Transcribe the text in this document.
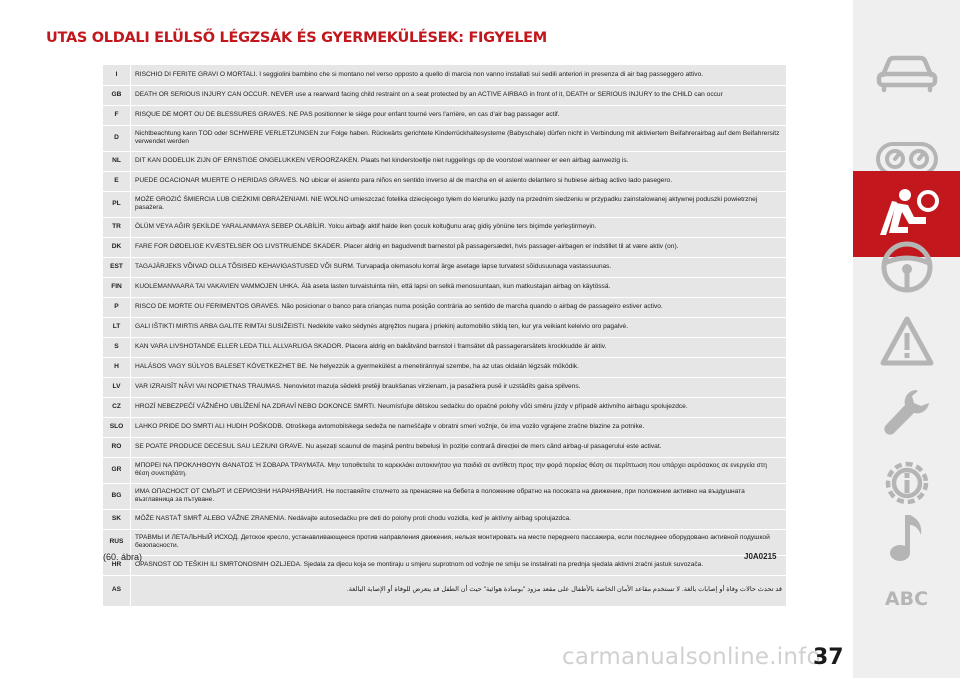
UTAS OLDALI ELÜLSŐ LÉGZSÁK ÉS GYERMEKÜLÉSEK: FIGYELEM
I	RISCHIO DI FERITE GRAVI O MORTALI. I seggiolini bambino che si montano nel verso opposto a quello di marcia non vanno installati sui sedili anteriori in presenza di air bag passeggero attivo.
GB	DEATH OR SERIOUS INJURY CAN OCCUR. NEVER use a rearward facing child restraint on a seat protected by an ACTIVE AIRBAG in front of it, DEATH or SERIOUS INJURY to the CHILD can occur
F	RISQUE DE MORT OU DE BLESSURES GRAVES. NE PAS positionner le siège pour enfant tourné vers l'arrière, en cas d'air bag passager actif.
D	Nichtbeachtung kann TOD oder SCHWERE VERLETZUNGEN zur Folge haben. Rückwärts gerichtete Kinderrückhaltesysteme (Babyschale) dürfen nicht in Verbindung mit aktiviertem Beifahrerairbag auf dem Beifahrersitz verwendet werden
NL	DIT KAN DODELIJK ZIJN OF ERNSTIGE ONGELUKKEN VEROORZAKEN. Plaats het kinderstoeltje niet ruggelings op de voorstoel wanneer er een airbag aanwezig is.
E	PUEDE OCACIONAR MUERTE O HERIDAS GRAVES. NO ubicar el asiento para niños en sentido inverso al de marcha en el asiento delantero si hubiese airbag activo lado pasegero.
PL	MOŻE GROZIĆ ŚMIERCIA LUB CIEŻKIMI OBRAŻENIAMI. NIE WOLNO umieszczać fotelika dziecięcego tyłem do kierunku jazdy na przednim siedzeniu w przypadku zainstalowanej aktywnej poduszki powietrznej pasażera.
TR	ÖLÜM VEYA AĞIR ŞEKİLDE YARALANMAYA SEBEP OLABİLİR. Yolcu airbağı aktif halde iken çocuk koltuğunu araç gidiş yönüne ters biçimde yerleştirmeyin.
DK	FARE FOR DØDELIGE KVÆSTELSER OG LIVSTRUENDE SKADER. Placer aldrig en bagudvendt barnestol på passagersædet, hvis passager-airbagen er indstillet til at være aktiv (on).
EST	TAGAJÄRJEKS VÕIVAD OLLA TÕSISED KEHAVIGASTUSED VÕI SURM. Turvapadja olemasolu korral ärge asetage lapse turvatest sõidusuunaga vastassuunas.
FIN	KUOLEMANVAARA TAI VAKAVIEN VAMMOJEN UHKA. Älä aseta lasten turvaistuinta niin, että lapsi on selkä menosuuntaan, kun matkustajan airbag on käytössä.
P	RISCO DE MORTE OU FERIMENTOS GRAVES. Não posicionar o banco para crianças numa posição contrária ao sentido de marcha quando o airbag de passageiro estiver activo.
LT	GALI IŠTIKTI MIRTIS ARBA GALITE RIMTAI SUSIŽEISTI. Nedėkite vaiko sėdynės atgręžtos nugara į priekinį automobilio stiklą ten, kur yra veikiant keleivio oro pagalvė.
S	KAN VARA LIVSHOTANDE ELLER LEDA TILL ALLVARLIGA SKADOR. Placera aldrig en bakåtvänd barnstol i framsätet då passagerarsätets krockkudde är aktiv.
H	HALÁSOS VAGY SÚLYOS BALESET KÖVETKEZHET BE. Ne helyezzük a gyermekülést a menetiránnyal szembe, ha az utas oldalán légzsák működik.
LV	VAR IZRAISĪT NĀVI VAI NOPIETNAS TRAUMAS. Nenovietot mazuļa sēdekli pretēji braukšanas virzienam, ja pasažiera pusē ir uzstādīts gaisa spilvens.
CZ	HROZÍ NEBEZPEČÍ VÁŽNÉHO UBLÍŽENÍ NA ZDRAVÍ NEBO DOKONCE SMRTI. Neumísťujte dětskou sedačku do opačné polohy vůči směru jízdy v případě aktivního airbagu spolujezdce.
SLO	LAHKO PRIDE DO SMRTI ALI HUDIH POŠKODB. Otroškega avtomobilskega sedeža ne nameščajte v obratni smeri vožnje, če ima vozilo vgrajene zračne blazine za potnike.
RO	SE POATE PRODUCE DECESUL SAU LEZIUNI GRAVE. Nu așezați scaunul de mașină pentru bebeluși în poziție contrară direcției de mers când airbag-ul pasagerului este activat.
GR	ΜΠΟΡΕΙ ΝΑ ΠΡΟΚΛΗΘΟΥΝ ΘΑΝΑΤΟΣ Ή ΣΟΒΑΡΑ ΤΡΑΥΜΑΤΑ. Μην τοποθετείτε το καρεκλάκι αυτοκινήτου για παιδιά σε αντίθετη προς την φορά πορείας θέση σε περίπτωση που υπάρχει αερόσακος σε ενεργεία στη θέση συνεπιβάτη.
BG	ИМА ОПАСНОСТ ОТ СМЪРТ И СЕРИОЗНИ НАРАНЯВАНИЯ. Не поставяйте столчето за пренасяне на бебета в положение обратно на посоката на движение, при положение активно на въздушната възглавница за пътуване.
SK	MÔŽE NASTAŤ SMRŤ ALEBO VÁŽNE ZRANENIA. Nedávajte autosedačku pre deti do polohy proti chodu vozidla, keď je aktívny airbag spolujazdca.
RUS	ТРАВМЫ И ЛЕТАЛЬНЫЙ ИСХОД. Детское кресло, устанавливающееся против направления движения, нельзя монтировать на месте переднего пассажира, если последнее оборудовано активной подушкой безопасности.
HR	OPASNOST OD TEŠKIH ILI SMRTONOSNIH OZLJEDA. Sjedala za djecu koja se montiraju u smjeru suprotnom od vožnje ne smiju se instalirati na prednja sjedala aktivni zračni jastuk suvozača.
AS	قد تحدث حالات وفاة أو إصابات بالغة. لا تستخدم مقاعد الأمان الخاصة بالأطفال على مقعد مزود "بوسادة هوائية" حيث أن الطفل قد يتعرض للوفاة أو الإصابة البالغة.
(60. ábra)	J0A0215
carmanualsonline.info
37
ABC
